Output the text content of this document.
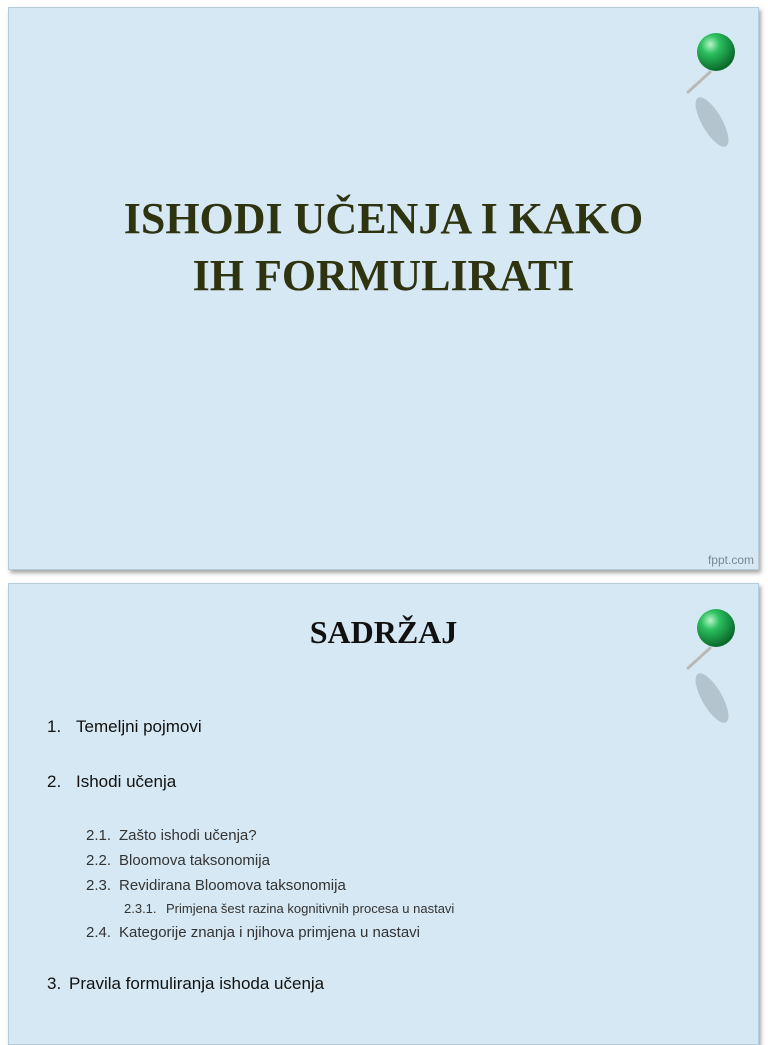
ISHODI UČENJA I KAKO
IH FORMULIRATI
fppt.com
SADRŽAJ
1. Temeljni pojmovi
2. Ishodi učenja
2.1. Zašto ishodi učenja?
2.2. Bloomova taksonomija
2.3. Revidirana Bloomova taksonomija
2.3.1. Primjena šest razina kognitivnih procesa u nastavi
2.4. Kategorije znanja i njihova primjena u nastavi
3. Pravila formuliranja ishoda učenja
